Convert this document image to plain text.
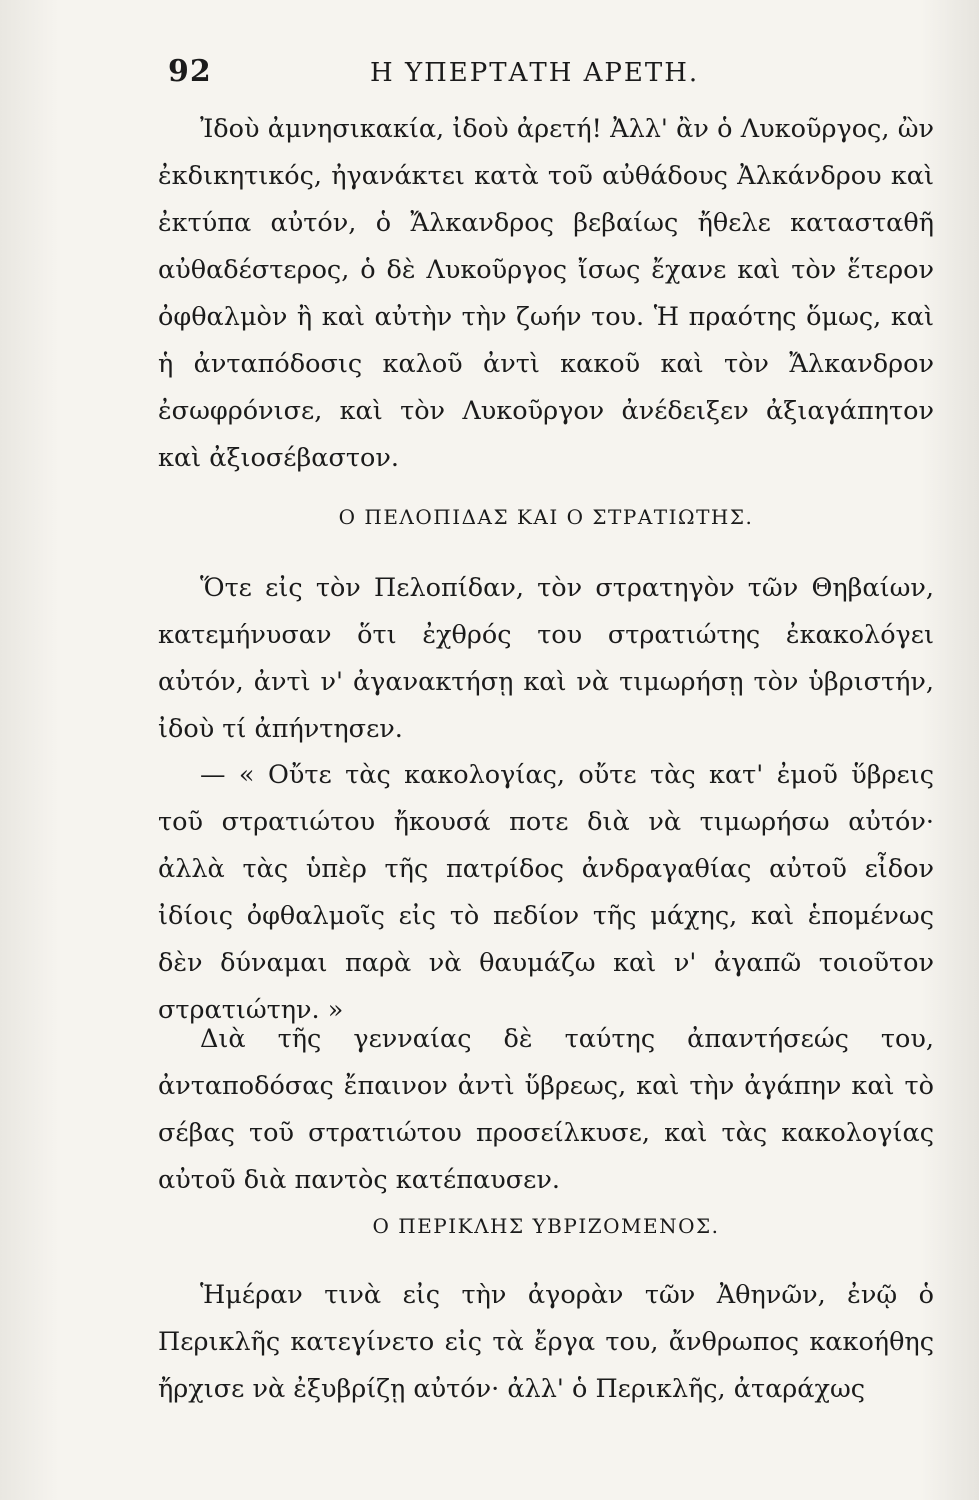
92	Η ΥΠΕΡΤΑΤΗ ΑΡΕΤΗ.

Ἰδοὺ ἀμνησικακία, ἰδοὺ ἀρετή! Ἀλλ' ἂν ὁ Λυκοῦργος, ὢν ἐκδικητικός, ἠγανάκτει κατὰ τοῦ αὐθάδους Ἀλκάνδρου καὶ ἐκτύπα αὐτόν, ὁ Ἄλκανδρος βεβαίως ἤθελε κατασταθῆ αὐθαδέστερος, ὁ δὲ Λυκοῦργος ἴσως ἔχανε καὶ τὸν ἕτερον ὀφθαλμὸν ἢ καὶ αὐτὴν τὴν ζωήν του. Ἡ πραότης ὅμως, καὶ ἡ ἀνταπόδοσις καλοῦ ἀντὶ κακοῦ καὶ τὸν Ἄλκανδρον ἐσωφρόνισε, καὶ τὸν Λυκοῦργον ἀνέδειξεν ἀξιαγάπητον καὶ ἀξιοσέβαστον.

Ο ΠΕΛΟΠΙΔΑΣ ΚΑΙ Ο ΣΤΡΑΤΙΩΤΗΣ.

Ὅτε εἰς τὸν Πελοπίδαν, τὸν στρατηγὸν τῶν Θηβαίων, κατεμήνυσαν ὅτι ἐχθρός του στρατιώτης ἐκακολόγει αὐτόν, ἀντὶ ν' ἀγανακτήσῃ καὶ νὰ τιμωρήσῃ τὸν ὑβριστήν, ἰδοὺ τί ἀπήντησεν.

— « Οὔτε τὰς κακολογίας, οὔτε τὰς κατ' ἐμοῦ ὕβρεις τοῦ στρατιώτου ἤκουσά ποτε διὰ νὰ τιμωρήσω αὐτόν· ἀλλὰ τὰς ὑπὲρ τῆς πατρίδος ἀνδραγαθίας αὐτοῦ εἶδον ἰδίοις ὀφθαλμοῖς εἰς τὸ πεδίον τῆς μάχης, καὶ ἑπομένως δὲν δύναμαι παρὰ νὰ θαυμάζω καὶ ν' ἀγαπῶ τοιοῦτον στρατιώτην. »

Διὰ τῆς γενναίας δὲ ταύτης ἀπαντήσεώς του, ἀνταποδόσας ἔπαινον ἀντὶ ὕβρεως, καὶ τὴν ἀγάπην καὶ τὸ σέβας τοῦ στρατιώτου προσείλκυσε, καὶ τὰς κακολογίας αὐτοῦ διὰ παντὸς κατέπαυσεν.

Ο ΠΕΡΙΚΛΗΣ ΥΒΡΙΖΟΜΕΝΟΣ.

Ἡμέραν τινὰ εἰς τὴν ἀγορὰν τῶν Ἀθηνῶν, ἐνῷ ὁ Περικλῆς κατεγίνετο εἰς τὰ ἔργα του, ἄνθρωπος κακοήθης ἤρχισε νὰ ἐξυβρίζῃ αὐτόν· ἀλλ' ὁ Περικλῆς, ἀταράχως
